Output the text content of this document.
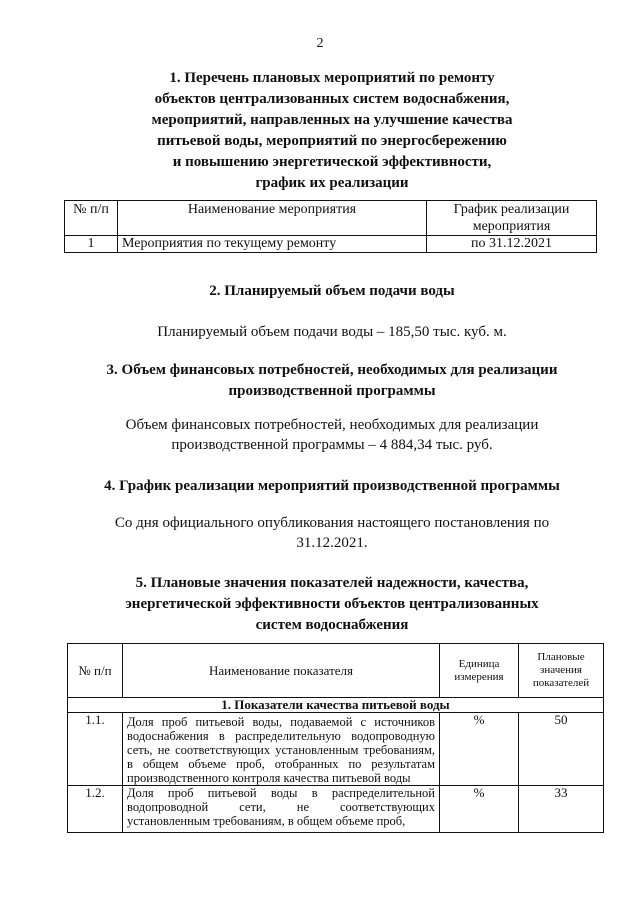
2
1. Перечень плановых мероприятий по ремонту
объектов централизованных систем водоснабжения,
мероприятий, направленных на улучшение качества
питьевой воды, мероприятий по энергосбережению
и повышению энергетической эффективности,
график их реализации
№ п/п	Наименование мероприятия	График реализации мероприятия
1	Мероприятия по текущему ремонту	по 31.12.2021
2. Планируемый объем подачи воды
Планируемый объем подачи воды – 185,50 тыс. куб. м.
3. Объем финансовых потребностей, необходимых для реализации
производственной программы
Объем финансовых потребностей, необходимых для реализации
производственной программы – 4 884,34 тыс. руб.
4. График реализации мероприятий производственной программы
Со дня официального опубликования настоящего постановления по
31.12.2021.
5. Плановые значения показателей надежности, качества,
энергетической эффективности объектов централизованных
систем водоснабжения
№ п/п	Наименование показателя	Единица измерения	Плановые значения показателей
1. Показатели качества питьевой воды			
1.1.	Доля проб питьевой воды, подаваемой с источников водоснабжения в распределительную водопроводную сеть, не соответствующих установленным требованиям, в общем объеме проб, отобранных по результатам производственного контроля качества питьевой воды	%	50
1.2.	Доля проб питьевой воды в распределительной водопроводной сети, не соответствующих установленным требованиям, в общем объеме проб,	%	33
